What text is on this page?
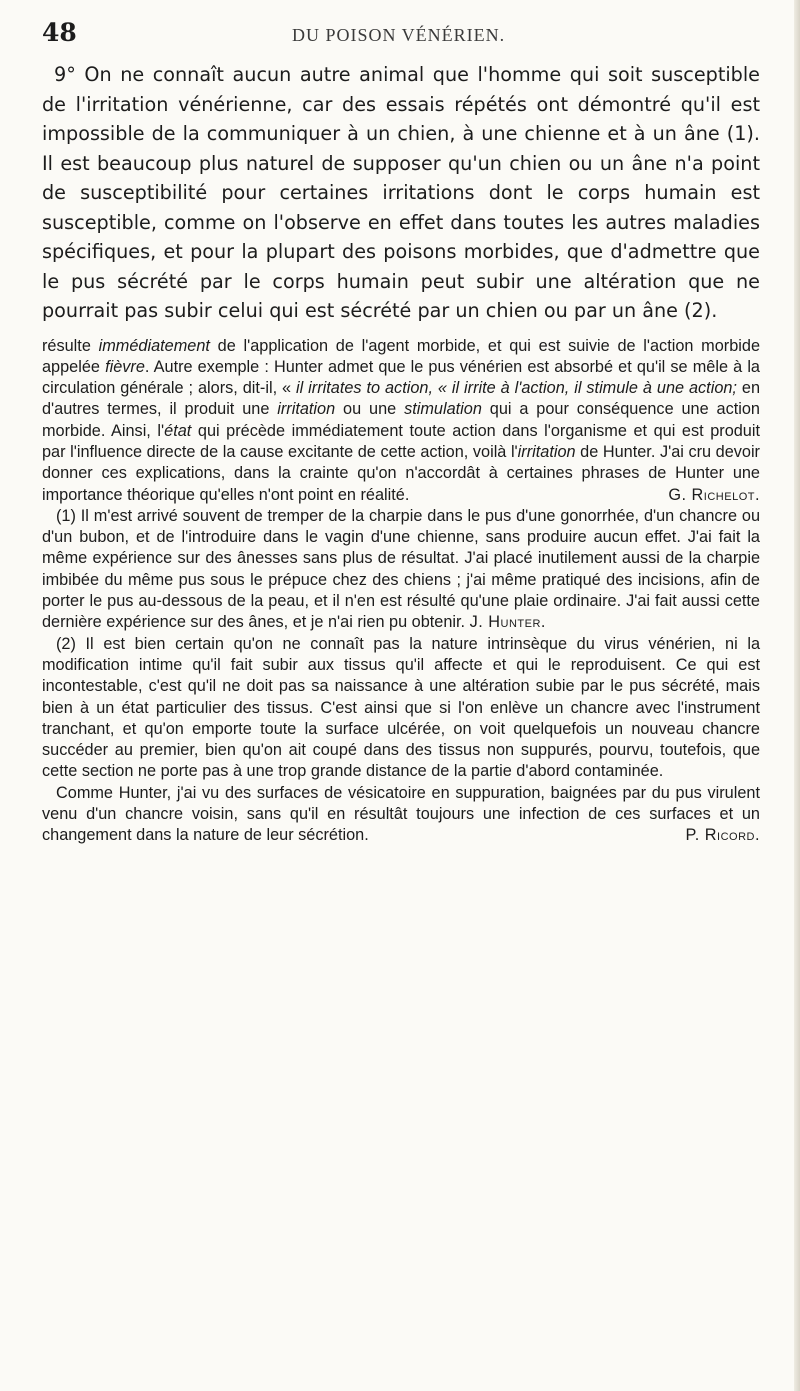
48	DU POISON VÉNÉRIEN.

9° On ne connaît aucun autre animal que l'homme qui soit susceptible de l'irritation vénérienne, car des essais répétés ont démontré qu'il est impossible de la communiquer à un chien, à une chienne et à un âne (1). Il est beaucoup plus naturel de supposer qu'un chien ou un âne n'a point de susceptibilité pour certaines irritations dont le corps humain est susceptible, comme on l'observe en effet dans toutes les autres maladies spécifiques, et pour la plupart des poisons morbides, que d'admettre que le pus sécrété par le corps humain peut subir une altération que ne pourrait pas subir celui qui est sécrété par un chien ou par un âne (2).

résulte immédiatement de l'application de l'agent morbide, et qui est suivie de l'action morbide appelée fièvre. Autre exemple : Hunter admet que le pus vénérien est absorbé et qu'il se mêle à la circulation générale ; alors, dit-il, « il irritates to action, « il irrite à l'action, il stimule à une action; en d'autres termes, il produit une irritation ou une stimulation qui a pour conséquence une action morbide. Ainsi, l'état qui précède immédiatement toute action dans l'organisme et qui est produit par l'influence directe de la cause excitante de cette action, voilà l'irritation de Hunter. J'ai cru devoir donner ces explications, dans la crainte qu'on n'accordât à certaines phrases de Hunter une importance théorique qu'elles n'ont point en réalité.	G. Richelot.

(1) Il m'est arrivé souvent de tremper de la charpie dans le pus d'une gonorrhée, d'un chancre ou d'un bubon, et de l'introduire dans le vagin d'une chienne, sans produire aucun effet. J'ai fait la même expérience sur des ânesses sans plus de résultat. J'ai placé inutilement aussi de la charpie imbibée du même pus sous le prépuce chez des chiens ; j'ai même pratiqué des incisions, afin de porter le pus au-dessous de la peau, et il n'en est résulté qu'une plaie ordinaire. J'ai fait aussi cette dernière expérience sur des ânes, et je n'ai rien pu obtenir. J. Hunter.

(2) Il est bien certain qu'on ne connaît pas la nature intrinsèque du virus vénérien, ni la modification intime qu'il fait subir aux tissus qu'il affecte et qui le reproduisent. Ce qui est incontestable, c'est qu'il ne doit pas sa naissance à une altération subie par le pus sécrété, mais bien à un état particulier des tissus. C'est ainsi que si l'on enlève un chancre avec l'instrument tranchant, et qu'on emporte toute la surface ulcérée, on voit quelquefois un nouveau chancre succéder au premier, bien qu'on ait coupé dans des tissus non suppurés, pourvu, toutefois, que cette section ne porte pas à une trop grande distance de la partie d'abord contaminée.

Comme Hunter, j'ai vu des surfaces de vésicatoire en suppuration, baignées par du pus virulent venu d'un chancre voisin, sans qu'il en résultât toujours une infection de ces surfaces et un changement dans la nature de leur sécrétion.	P. Ricord.
